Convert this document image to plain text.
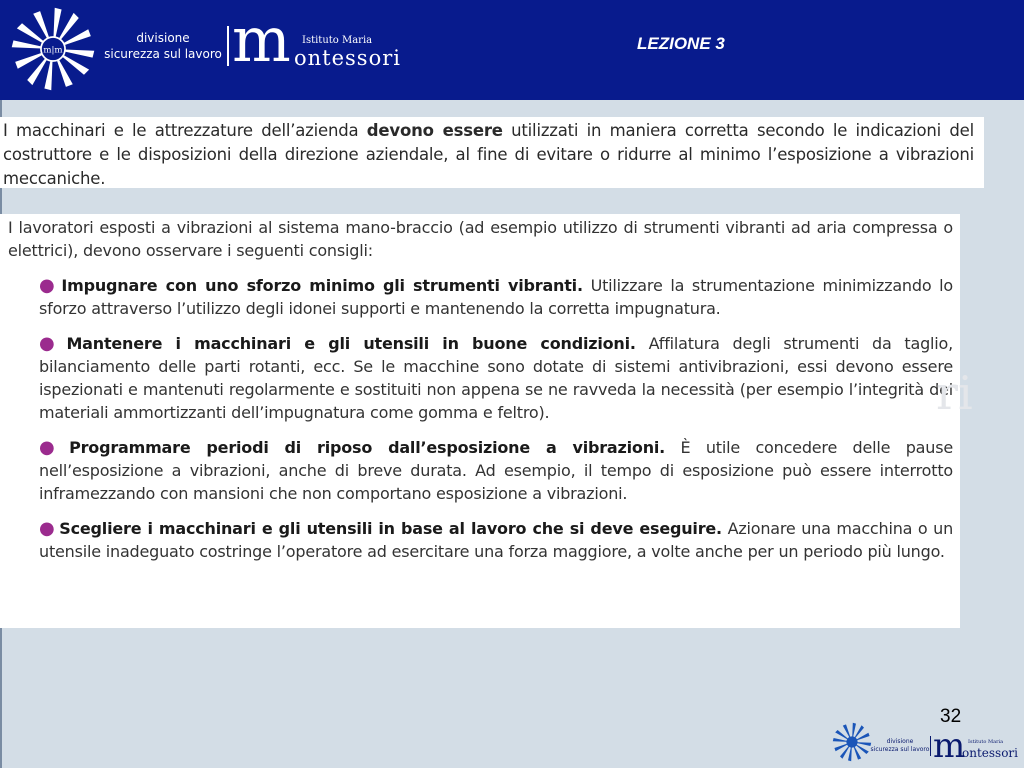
m|m
divisione
sicurezza sul lavoro m Istituto Maria
ontessori
LEZIONE 3

I macchinari e le attrezzature dell’azienda devono essere utilizzati in maniera corretta secondo le indicazioni del costruttore e le disposizioni della direzione aziendale, al fine di evitare o ridurre al minimo l’esposizione a vibrazioni meccaniche.

I lavoratori esposti a vibrazioni al sistema mano-braccio (ad esempio utilizzo di strumenti vibranti ad aria compressa o elettrici), devono osservare i seguenti consigli:

● Impugnare con uno sforzo minimo gli strumenti vibranti. Utilizzare la strumentazione minimizzando lo sforzo attraverso l’utilizzo degli idonei supporti e mantenendo la corretta impugnatura.
● Mantenere i macchinari e gli utensili in buone condizioni. Affilatura degli strumenti da taglio, bilanciamento delle parti rotanti, ecc. Se le macchine sono dotate di sistemi antivibrazioni, essi devono essere ispezionati e mantenuti regolarmente e sostituiti non appena se ne ravveda la necessità (per esempio l’integrità dei materiali ammortizzanti dell’impugnatura come gomma e feltro).
● Programmare periodi di riposo dall’esposizione a vibrazioni. È utile concedere delle pause nell’esposizione a vibrazioni, anche di breve durata. Ad esempio, il tempo di esposizione può essere interrotto inframezzando con mansioni che non comportano esposizione a vibrazioni.
● Scegliere i macchinari e gli utensili in base al lavoro che si deve eseguire. Azionare una macchina o un utensile inadeguato costringe l’operatore ad esercitare una forza maggiore, a volte anche per un periodo più lungo.
ri
32
divisione
sicurezza sul lavoro m Istituto Maria
ontessori
